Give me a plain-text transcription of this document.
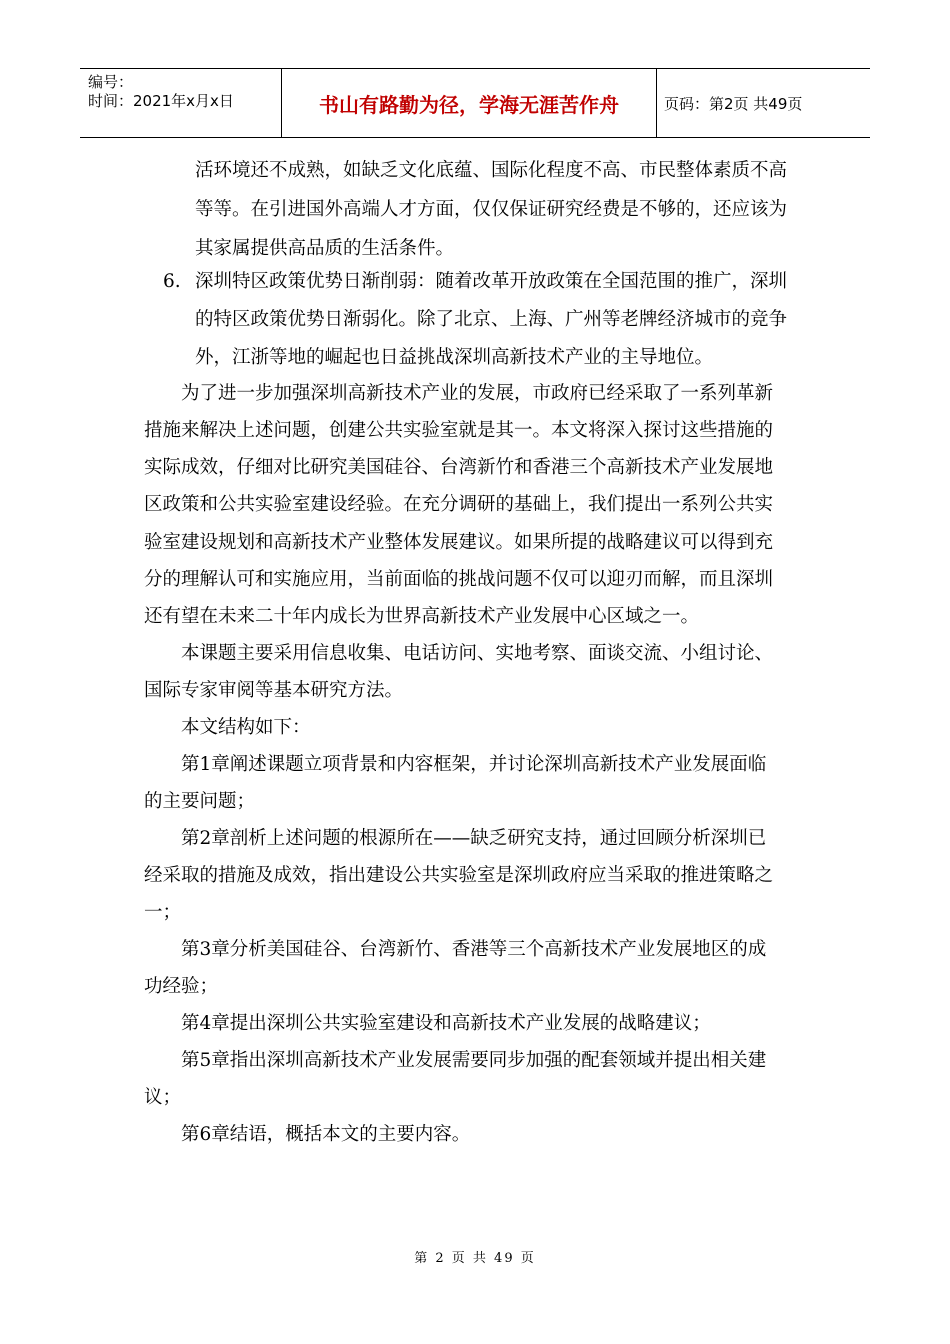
编号：
时间：2021年x月x日	书山有路勤为径，学海无涯苦作舟	页码：第2页 共49页
活环境还不成熟，如缺乏文化底蕴、国际化程度不高、市民整体素质不高
等等。在引进国外高端人才方面，仅仅保证研究经费是不够的，还应该为
其家属提供高品质的生活条件。
6. 深圳特区政策优势日渐削弱：随着改革开放政策在全国范围的推广，深圳
的特区政策优势日渐弱化。除了北京、上海、广州等老牌经济城市的竞争
外，江浙等地的崛起也日益挑战深圳高新技术产业的主导地位。
为了进一步加强深圳高新技术产业的发展，市政府已经采取了一系列革新
措施来解决上述问题，创建公共实验室就是其一。本文将深入探讨这些措施的
实际成效，仔细对比研究美国硅谷、台湾新竹和香港三个高新技术产业发展地
区政策和公共实验室建设经验。在充分调研的基础上，我们提出一系列公共实
验室建设规划和高新技术产业整体发展建议。如果所提的战略建议可以得到充
分的理解认可和实施应用，当前面临的挑战问题不仅可以迎刃而解，而且深圳
还有望在未来二十年内成长为世界高新技术产业发展中心区域之一。
本课题主要采用信息收集、电话访问、实地考察、面谈交流、小组讨论、
国际专家审阅等基本研究方法。
本文结构如下：
第1章阐述课题立项背景和内容框架，并讨论深圳高新技术产业发展面临
的主要问题；
第2章剖析上述问题的根源所在——缺乏研究支持，通过回顾分析深圳已
经采取的措施及成效，指出建设公共实验室是深圳政府应当采取的推进策略之
一；
第3章分析美国硅谷、台湾新竹、香港等三个高新技术产业发展地区的成
功经验；
第4章提出深圳公共实验室建设和高新技术产业发展的战略建议；
第5章指出深圳高新技术产业发展需要同步加强的配套领域并提出相关建
议；
第6章结语，概括本文的主要内容。
第 2 页 共 49 页
